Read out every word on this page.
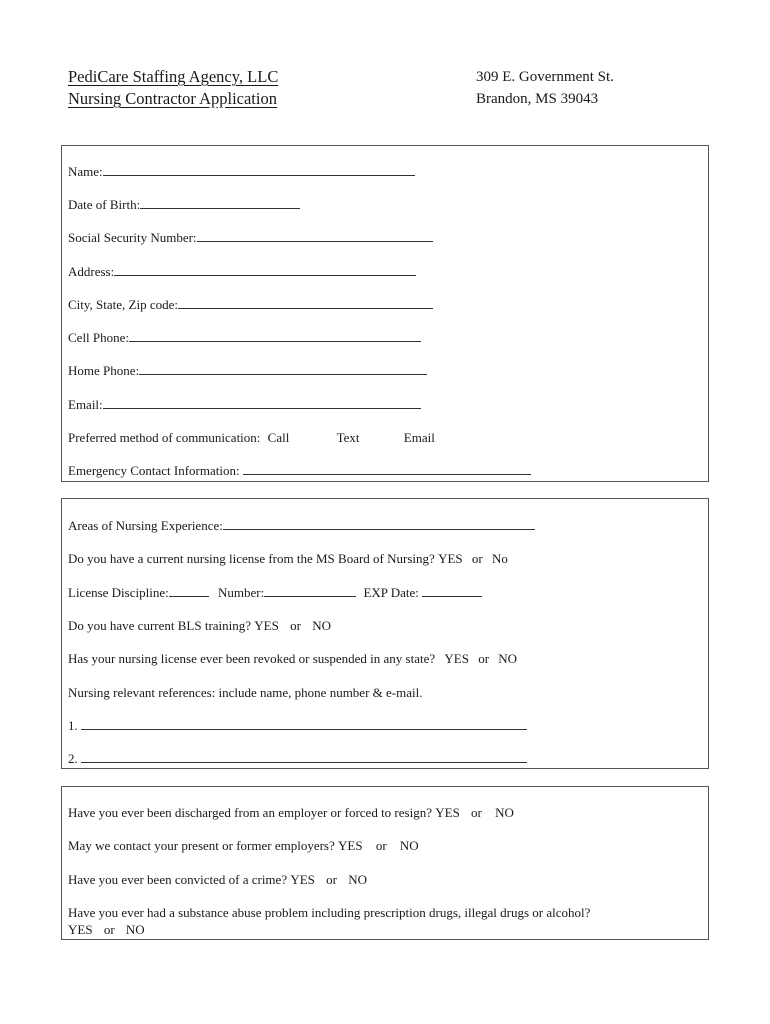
PediCare Staffing Agency, LLC
Nursing Contractor Application
309 E. Government St.
Brandon, MS 39043
Name:
Date of Birth:
Social Security Number:
Address:
City, State, Zip code:
Cell Phone:
Home Phone:
Email:
Preferred method of communication: Call	Text	Email
Emergency Contact Information:
Areas of Nursing Experience:
Do you have a current nursing license from the MS Board of Nursing? YES or No
License Discipline:	Number:	EXP Date:
Do you have current BLS training? YES or NO
Has your nursing license ever been revoked or suspended in any state? YES or NO
Nursing relevant references: include name, phone number & e-mail.
1.
2.
Have you ever been discharged from an employer or forced to resign? YES or NO
May we contact your present or former employers? YES or NO
Have you ever been convicted of a crime? YES or NO
Have you ever had a substance abuse problem including prescription drugs, illegal drugs or alcohol?
YES or NO
